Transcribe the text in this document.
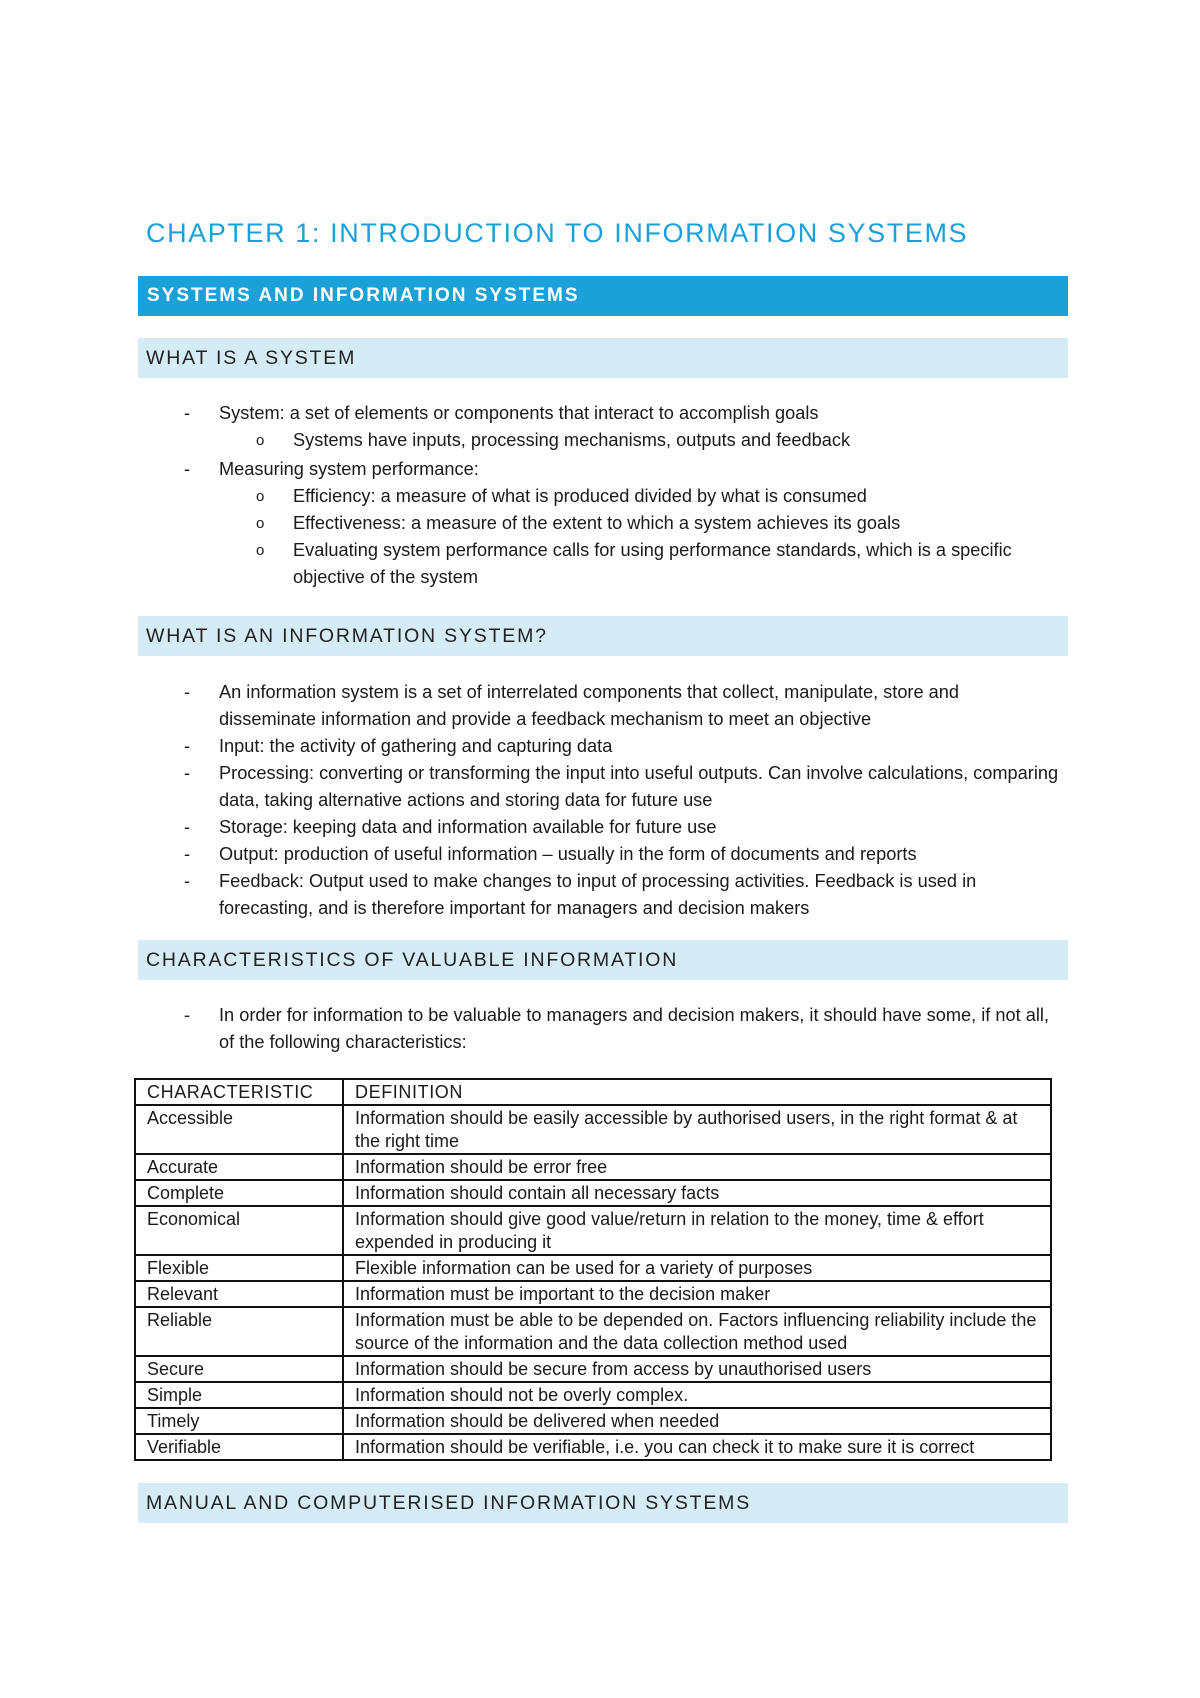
CHAPTER 1: INTRODUCTION TO INFORMATION SYSTEMS
SYSTEMS AND INFORMATION SYSTEMS
WHAT IS A SYSTEM
- System: a set of elements or components that interact to accomplish goals
o Systems have inputs, processing mechanisms, outputs and feedback
- Measuring system performance:
o Efficiency: a measure of what is produced divided by what is consumed
o Effectiveness: a measure of the extent to which a system achieves its goals
o Evaluating system performance calls for using performance standards, which is a specific objective of the system
WHAT IS AN INFORMATION SYSTEM?
- An information system is a set of interrelated components that collect, manipulate, store and disseminate information and provide a feedback mechanism to meet an objective
- Input: the activity of gathering and capturing data
- Processing: converting or transforming the input into useful outputs. Can involve calculations, comparing data, taking alternative actions and storing data for future use
- Storage: keeping data and information available for future use
- Output: production of useful information – usually in the form of documents and reports
- Feedback: Output used to make changes to input of processing activities. Feedback is used in forecasting, and is therefore important for managers and decision makers
CHARACTERISTICS OF VALUABLE INFORMATION
- In order for information to be valuable to managers and decision makers, it should have some, if not all, of the following characteristics:
CHARACTERISTIC	DEFINITION
Accessible	Information should be easily accessible by authorised users, in the right format & at the right time
Accurate	Information should be error free
Complete	Information should contain all necessary facts
Economical	Information should give good value/return in relation to the money, time & effort expended in producing it
Flexible	Flexible information can be used for a variety of purposes
Relevant	Information must be important to the decision maker
Reliable	Information must be able to be depended on. Factors influencing reliability include the source of the information and the data collection method used
Secure	Information should be secure from access by unauthorised users
Simple	Information should not be overly complex.
Timely	Information should be delivered when needed
Verifiable	Information should be verifiable, i.e. you can check it to make sure it is correct
MANUAL AND COMPUTERISED INFORMATION SYSTEMS
